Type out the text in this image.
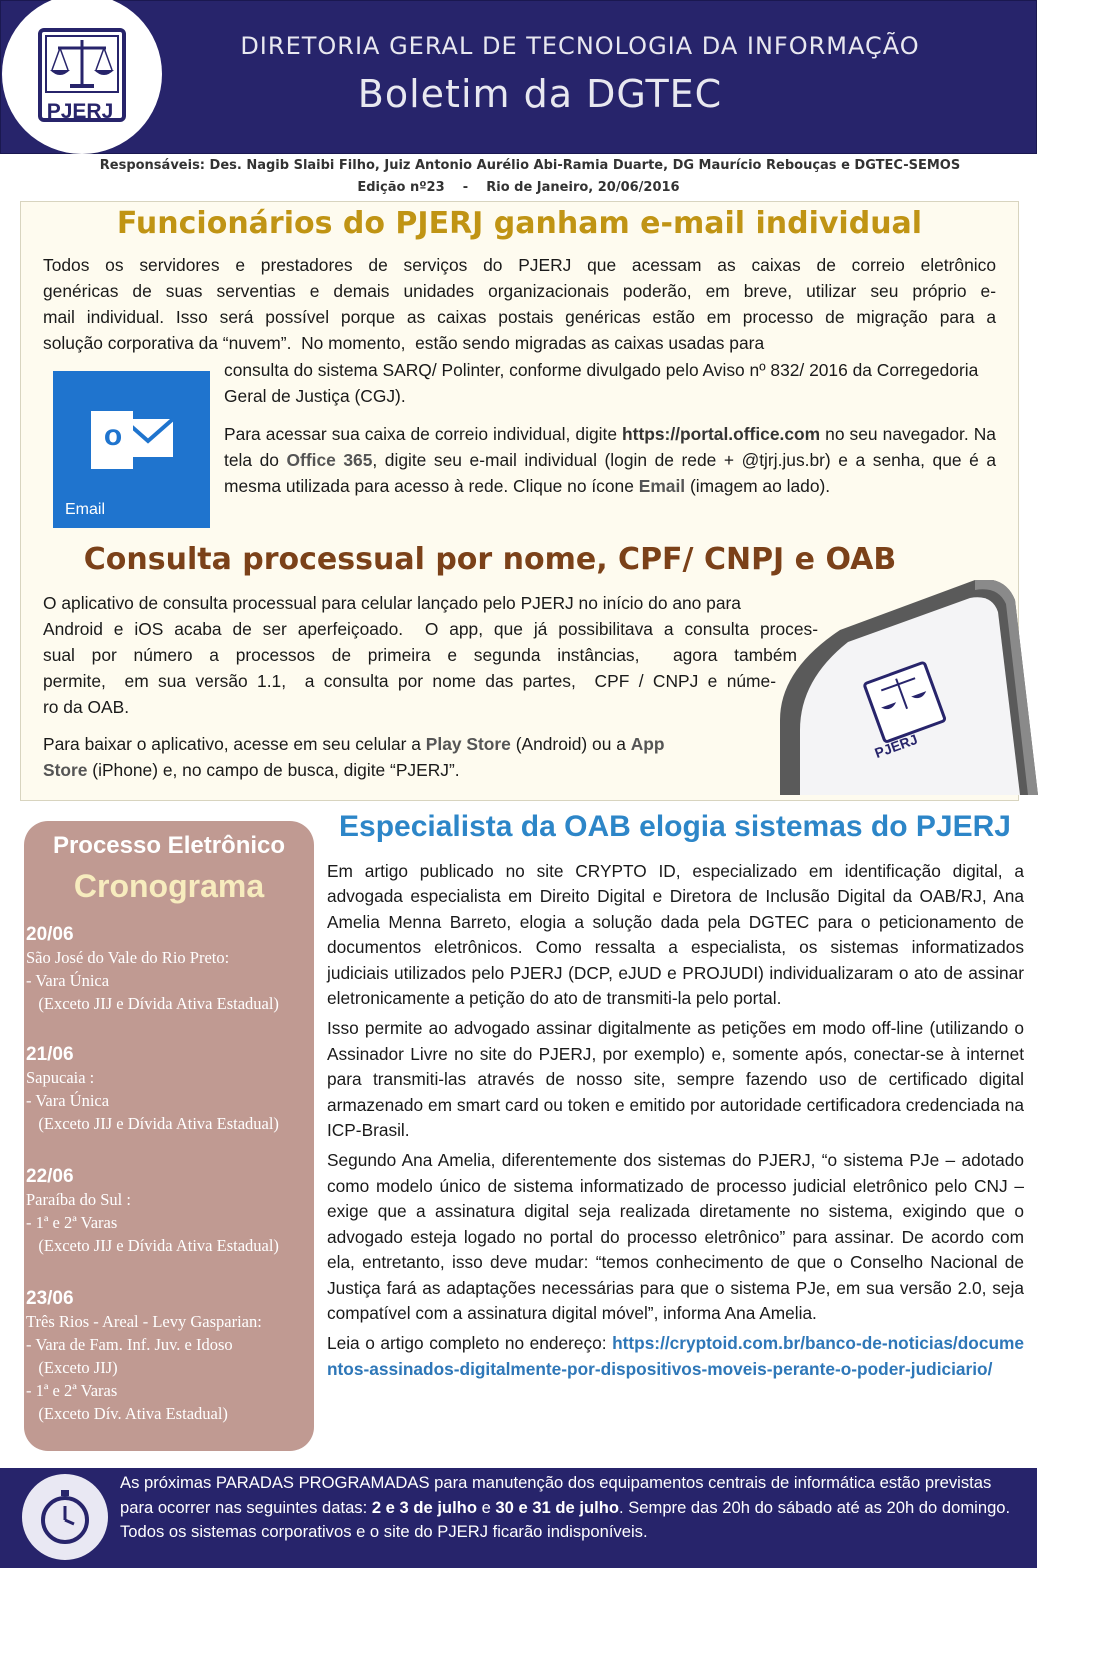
PJERJ
DIRETORIA GERAL DE TECNOLOGIA DA INFORMAÇÃO
Boletim da DGTEC
Responsáveis: Des. Nagib Slaibi Filho, Juiz Antonio Aurélio Abi-Ramia Duarte, DG Maurício Rebouças e DGTEC-SEMOS
Edição nº23    -    Rio de Janeiro, 20/06/2016
Funcionários do PJERJ ganham e-mail individual
Todos os servidores e prestadores de serviços do PJERJ que acessam as caixas de correio eletrônico
genéricas de suas serventias e demais unidades organizacionais poderão, em breve, utilizar seu próprio e-
mail individual. Isso será possível porque as caixas postais genéricas estão em processo de migração para a
solução corporativa da “nuvem”.  No momento,  estão sendo migradas as caixas usadas para
o
Email
consulta do sistema SARQ/ Polinter, conforme divulgado pelo Aviso nº 832/ 2016 da Corregedoria Geral de Justiça (CGJ).
Para acessar sua caixa de correio individual, digite https://portal.office.com no seu navegador. Na tela do Office 365, digite seu e-mail individual (login de rede + @tjrj.jus.br) e a senha, que é a mesma utilizada para acesso à rede. Clique no ícone Email (imagem ao lado).
Consulta processual por nome, CPF/ CNPJ e OAB
PJERJ
O aplicativo de consulta processual para celular lançado pelo PJERJ no início do ano para
Android e iOS acaba de ser aperfeiçoado.  O app, que já possibilitava a consulta proces-
sual por número a processos de primeira e segunda instâncias,  agora também
permite,  em sua versão 1.1,  a consulta por nome das partes,  CPF / CNPJ e núme-
ro da OAB.
Para baixar o aplicativo, acesse em seu celular a Play Store (Android) ou a App
Store (iPhone) e, no campo de busca, digite “PJERJ”.
Processo Eletrônico
Cronograma
20/06
São José do Vale do Rio Preto:
- Vara Única
(Exceto JIJ e Dívida Ativa Estadual)
21/06
Sapucaia :
- Vara Única
(Exceto JIJ e Dívida Ativa Estadual)
22/06
Paraíba do Sul :
- 1ª e 2ª Varas
(Exceto JIJ e Dívida Ativa Estadual)
23/06
Três Rios - Areal - Levy Gasparian:
- Vara de Fam. Inf. Juv. e Idoso
(Exceto JIJ)
- 1ª e 2ª Varas
(Exceto Dív. Ativa Estadual)
Especialista da OAB elogia sistemas do PJERJ

Em artigo publicado no site CRYPTO ID, especializado em identificação digital, a advogada especialista em Direito Digital e Diretora de Inclusão Digital da OAB/RJ, Ana Amelia Menna Barreto, elogia a solução dada pela DGTEC para o peticionamento de documentos eletrônicos. Como ressalta a especialista, os sistemas informatizados judiciais utilizados pelo PJERJ (DCP, eJUD e PROJUDI) individualizaram o ato de assinar eletronicamente a petição do ato de transmiti-la pelo portal.

Isso permite ao advogado assinar digitalmente as petições em modo off-line (utilizando o Assinador Livre no site do PJERJ, por exemplo) e, somente após, conectar-se à internet para transmiti-las através de nosso site, sempre fazendo uso de certificado digital armazenado em smart card ou token e emitido por autoridade certificadora credenciada na ICP-Brasil.

Segundo Ana Amelia, diferentemente dos sistemas do PJERJ, “o sistema PJe – adotado como modelo único de sistema informatizado de processo judicial eletrônico pelo CNJ – exige que a assinatura digital seja realizada diretamente no sistema, exigindo que o advogado esteja logado no portal do processo eletrônico” para assinar. De acordo com ela, entretanto, isso deve mudar: “temos conhecimento de que o Conselho Nacional de Justiça fará as adaptações necessárias para que o sistema PJe, em sua versão 2.0, seja compatível com a assinatura digital móvel”, informa Ana Amelia.

Leia o artigo completo no endereço: https://cryptoid.com.br/banco-de-noticias/documentos-assinados-digitalmente-por-dispositivos-moveis-perante-o-poder-judiciario/

As próximas PARADAS PROGRAMADAS para manutenção dos equipamentos centrais de informática estão previstas para ocorrer nas seguintes datas: 2 e 3 de julho e 30 e 31 de julho. Sempre das 20h do sábado até as 20h do domingo. Todos os sistemas corporativos e o site do PJERJ ficarão indisponíveis.
